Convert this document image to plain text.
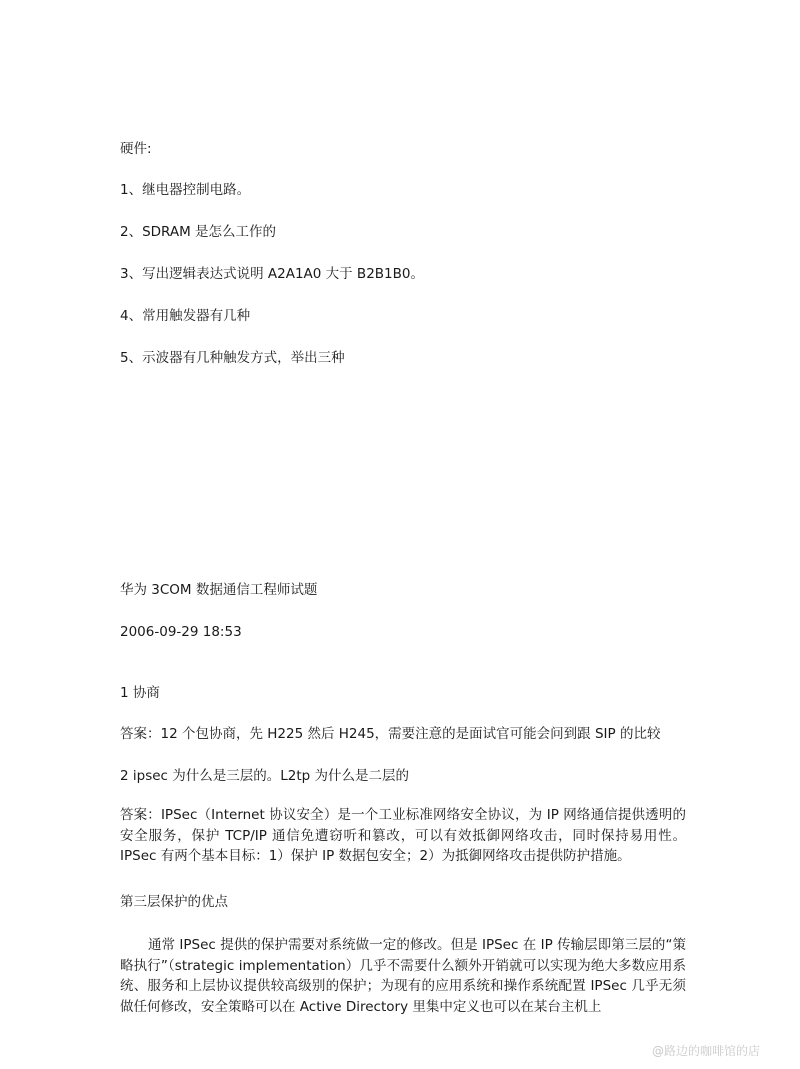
硬件:
1、继电器控制电路。
2、SDRAM 是怎么工作的
3、写出逻辑表达式说明 A2A1A0 大于 B2B1B0。
4、常用触发器有几种
5、示波器有几种触发方式，举出三种
华为 3COM 数据通信工程师试题
2006-09-29 18:53
1 协商
答案：12 个包协商，先 H225 然后 H245，需要注意的是面试官可能会问到跟 SIP 的比较
2 ipsec 为什么是三层的。L2tp 为什么是二层的
答案：IPSec（Internet 协议安全）是一个工业标准网络安全协议，为 IP 网络通信提供透明的安全服务，保护 TCP/IP 通信免遭窃听和篡改，可以有效抵御网络攻击，同时保持易用性。IPSec 有两个基本目标：1）保护 IP 数据包安全；2）为抵御网络攻击提供防护措施。
第三层保护的优点
通常 IPSec 提供的保护需要对系统做一定的修改。但是 IPSec 在 IP 传输层即第三层的“策略执行”（strategic implementation）几乎不需要什么额外开销就可以实现为绝大多数应用系统、服务和上层协议提供较高级别的保护；为现有的应用系统和操作系统配置 IPSec 几乎无须做任何修改，安全策略可以在 Active Directory 里集中定义也可以在某台主机上
@路边的咖啡馆的店
